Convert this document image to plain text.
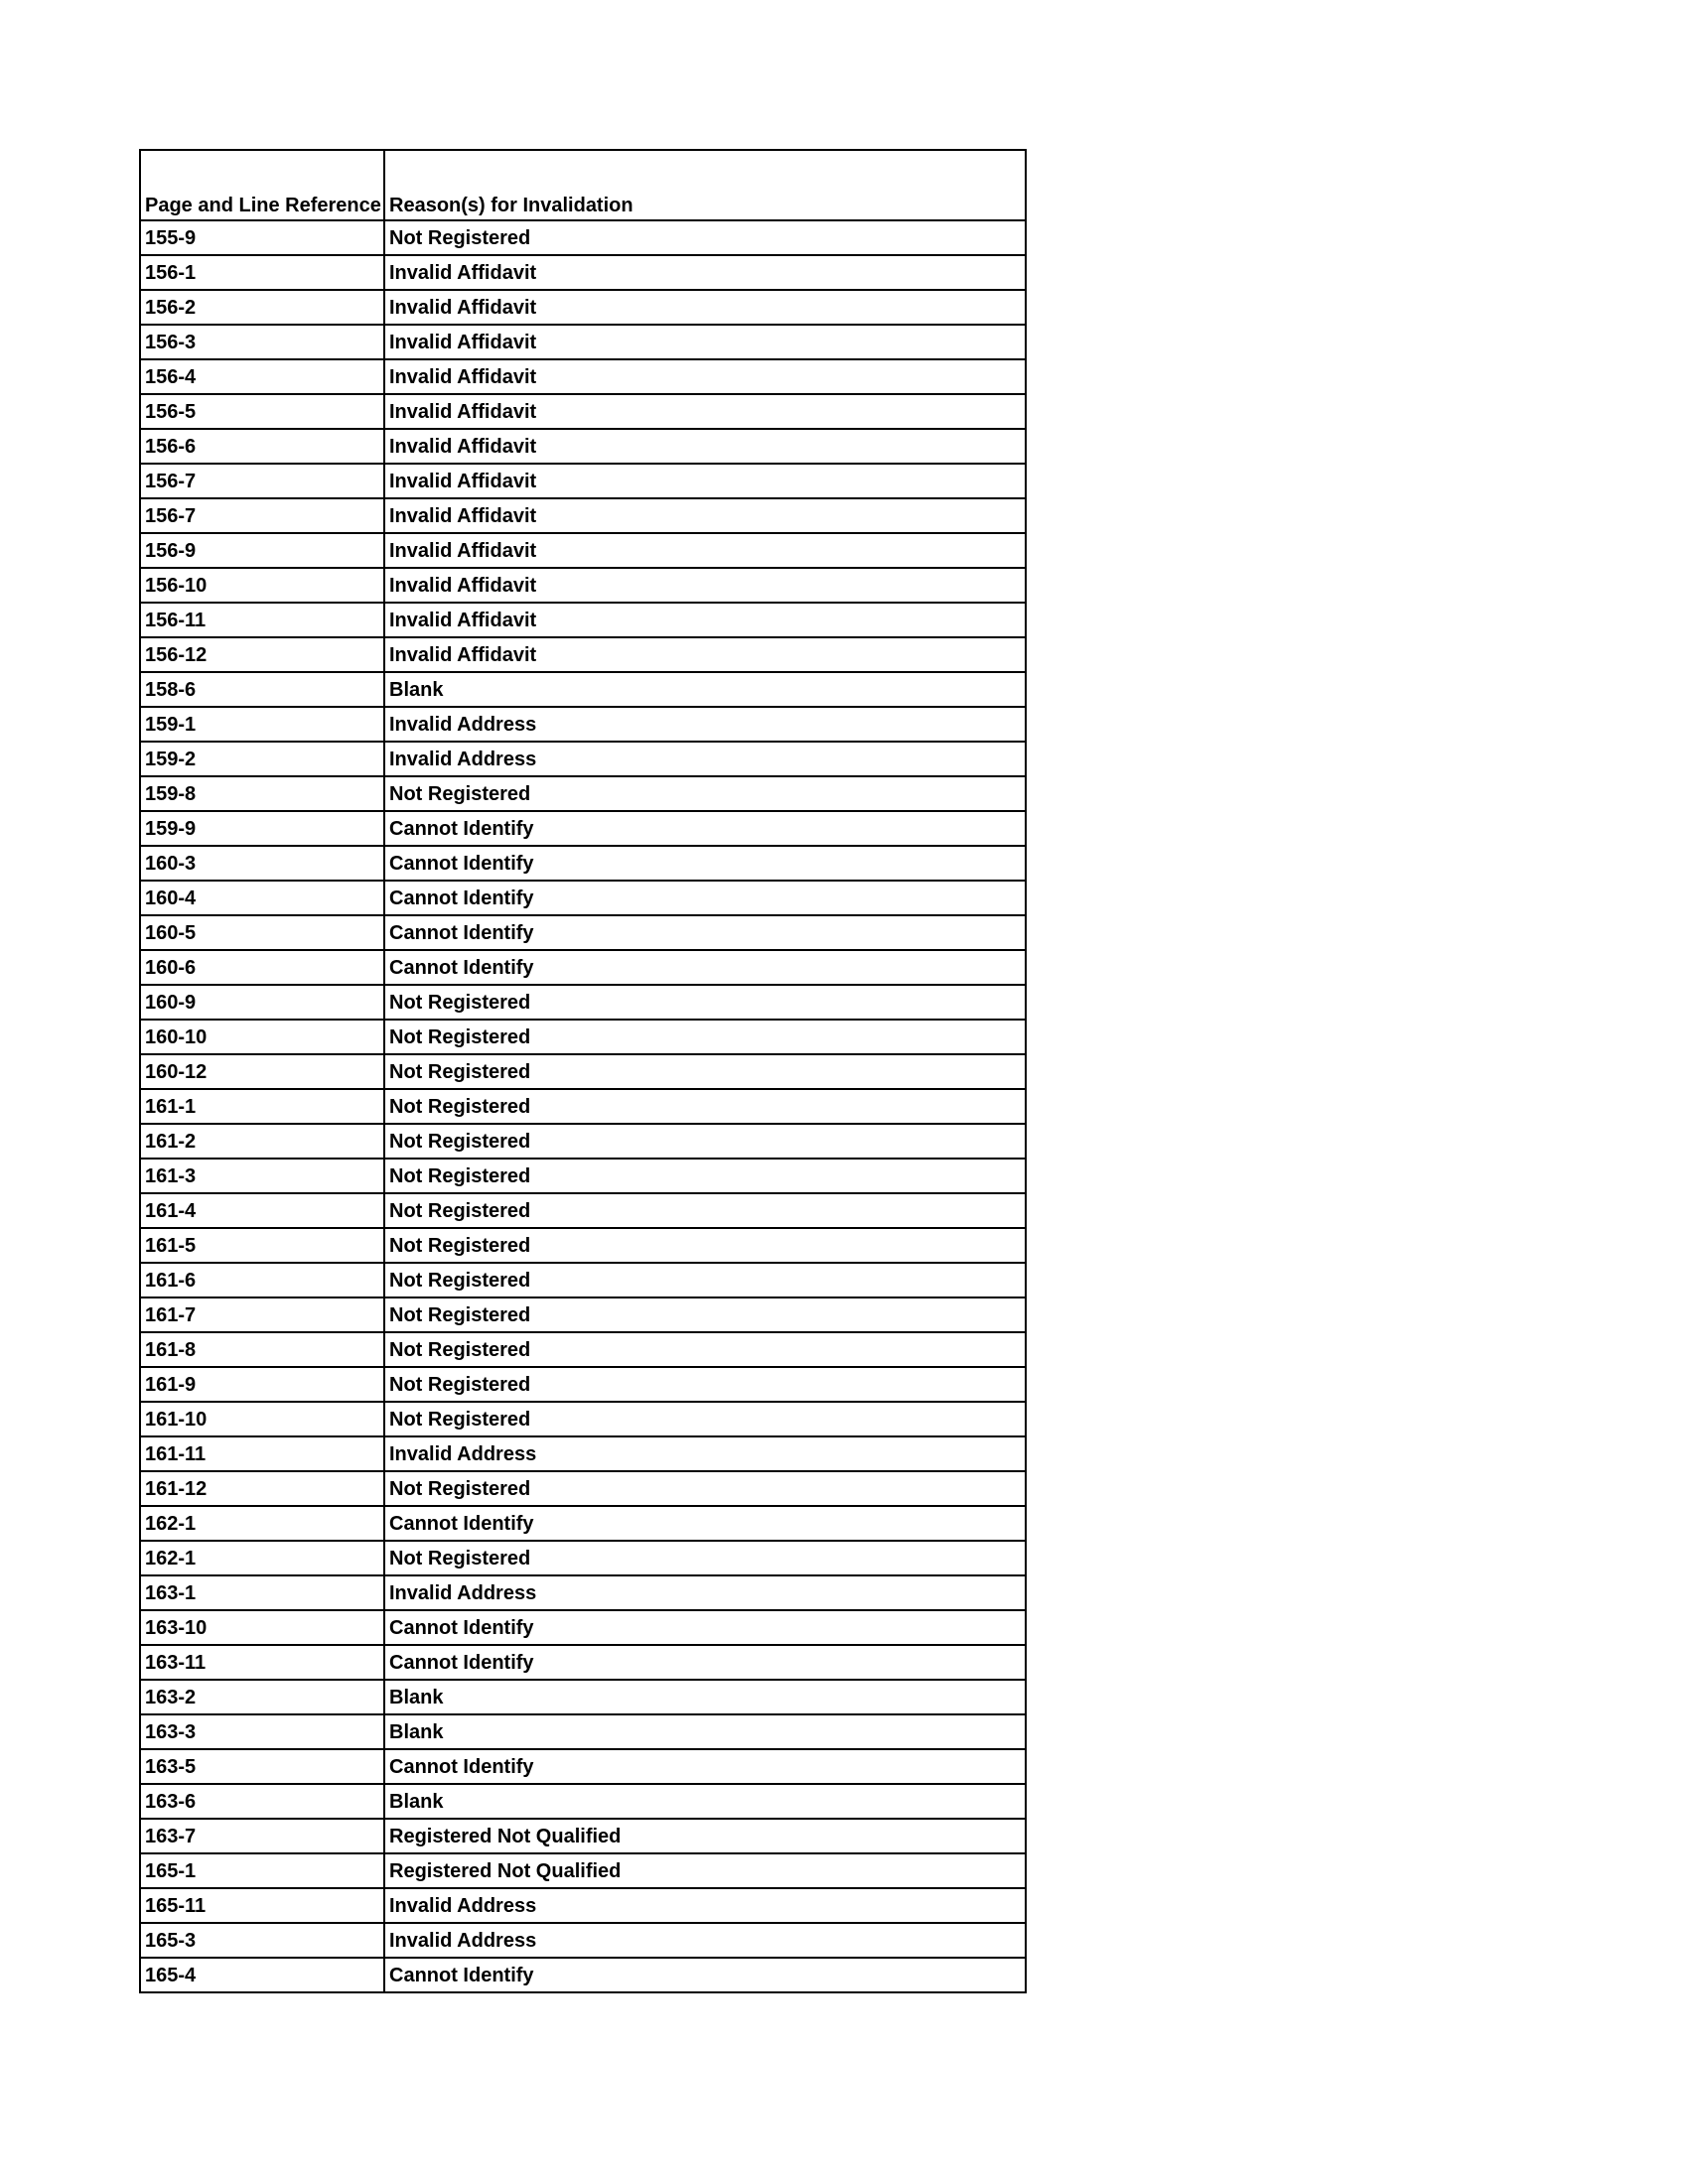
Page and Line Reference	Reason(s) for Invalidation
155-9	Not Registered
156-1	Invalid Affidavit
156-2	Invalid Affidavit
156-3	Invalid Affidavit
156-4	Invalid Affidavit
156-5	Invalid Affidavit
156-6	Invalid Affidavit
156-7	Invalid Affidavit
156-7	Invalid Affidavit
156-9	Invalid Affidavit
156-10	Invalid Affidavit
156-11	Invalid Affidavit
156-12	Invalid Affidavit
158-6	Blank
159-1	Invalid Address
159-2	Invalid Address
159-8	Not Registered
159-9	Cannot Identify
160-3	Cannot Identify
160-4	Cannot Identify
160-5	Cannot Identify
160-6	Cannot Identify
160-9	Not Registered
160-10	Not Registered
160-12	Not Registered
161-1	Not Registered
161-2	Not Registered
161-3	Not Registered
161-4	Not Registered
161-5	Not Registered
161-6	Not Registered
161-7	Not Registered
161-8	Not Registered
161-9	Not Registered
161-10	Not Registered
161-11	Invalid Address
161-12	Not Registered
162-1	Cannot Identify
162-1	Not Registered
163-1	Invalid Address
163-10	Cannot Identify
163-11	Cannot Identify
163-2	Blank
163-3	Blank
163-5	Cannot Identify
163-6	Blank
163-7	Registered Not Qualified
165-1	Registered Not Qualified
165-11	Invalid Address
165-3	Invalid Address
165-4	Cannot Identify
